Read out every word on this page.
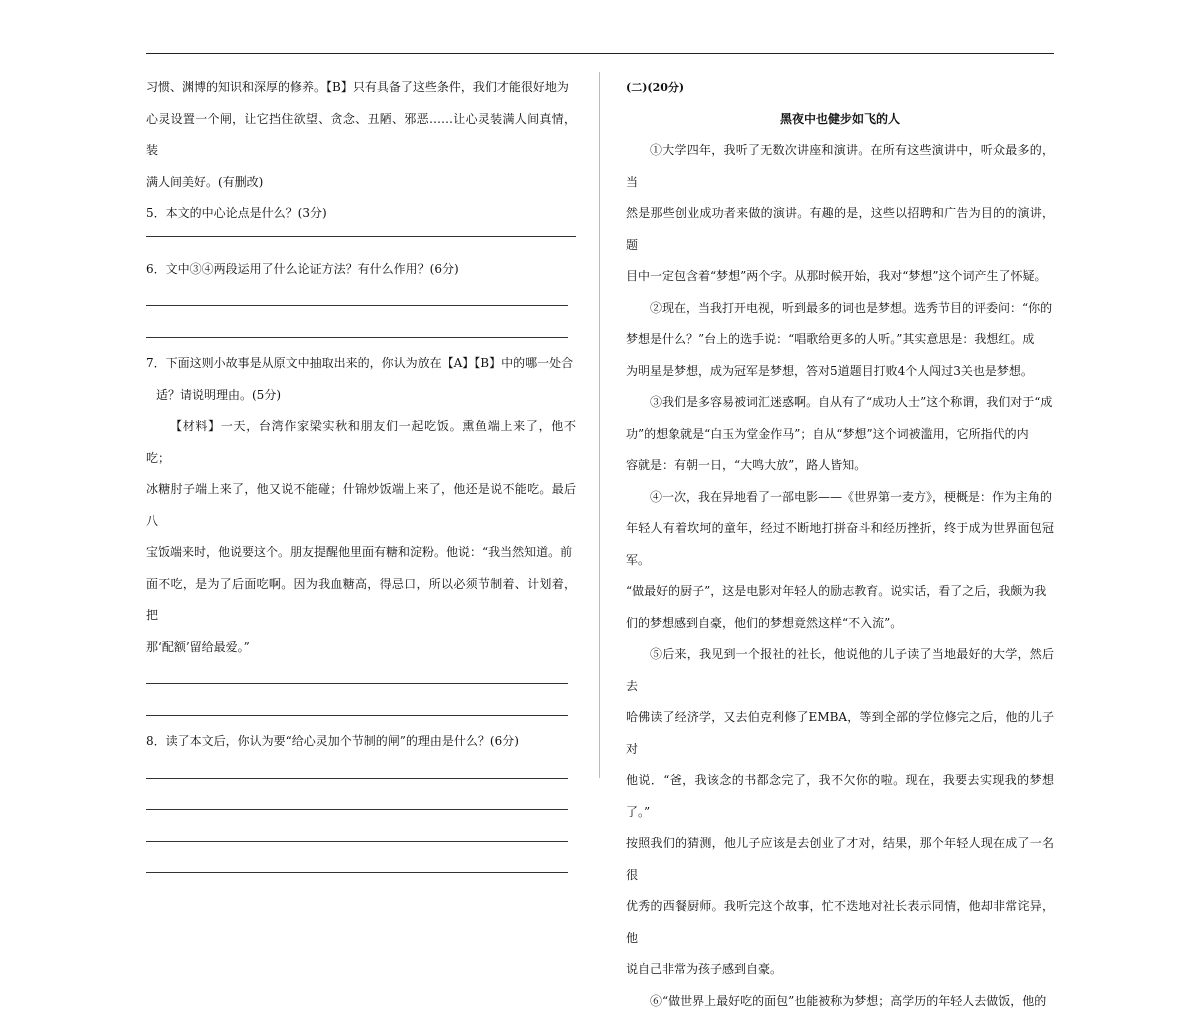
习惯、渊博的知识和深厚的修养。【B】只有具备了这些条件，我们才能很好地为

心灵设置一个闸，让它挡住欲望、贪念、丑陋、邪恶……让心灵装满人间真情，装

满人间美好。(有删改)

5．本文的中心论点是什么？(3分)

6．文中③④两段运用了什么论证方法？有什么作用？(6分)

7．下面这则小故事是从原文中抽取出来的，你认为放在【A】【B】中的哪一处合

适？请说明理由。(5分)

【材料】一天，台湾作家梁实秋和朋友们一起吃饭。熏鱼端上来了，他不吃；

冰糖肘子端上来了，他又说不能碰；什锦炒饭端上来了，他还是说不能吃。最后八

宝饭端来时，他说要这个。朋友提醒他里面有糖和淀粉。他说：“我当然知道。前

面不吃，是为了后面吃啊。因为我血糖高，得忌口，所以必须节制着、计划着，把

那‘配额’留给最爱。”

8．读了本文后，你认为要“给心灵加个节制的闸”的理由是什么？(6分)

(二)(20分)

黑夜中也健步如飞的人

①大学四年，我听了无数次讲座和演讲。在所有这些演讲中，听众最多的，当

然是那些创业成功者来做的演讲。有趣的是，这些以招聘和广告为目的的演讲，题

目中一定包含着“梦想”两个字。从那时候开始，我对“梦想”这个词产生了怀疑。

②现在，当我打开电视，听到最多的词也是梦想。选秀节目的评委问：“你的

梦想是什么？”台上的选手说：“唱歌给更多的人听。”其实意思是：我想红。成

为明星是梦想，成为冠军是梦想，答对5道题目打败4个人闯过3关也是梦想。

③我们是多容易被词汇迷惑啊。自从有了“成功人士”这个称谓，我们对于“成

功”的想象就是“白玉为堂金作马”；自从“梦想”这个词被滥用，它所指代的内

容就是：有朝一日，“大鸣大放”，路人皆知。

④一次，我在异地看了一部电影——《世界第一麦方》，梗概是：作为主角的

年轻人有着坎坷的童年，经过不断地打拼奋斗和经历挫折，终于成为世界面包冠军。

“做最好的厨子”，这是电影对年轻人的励志教育。说实话，看了之后，我颇为我

们的梦想感到自豪，他们的梦想竟然这样“不入流”。

⑤后来，我见到一个报社的社长，他说他的儿子读了当地最好的大学，然后去

哈佛读了经济学，又去伯克利修了EMBA，等到全部的学位修完之后，他的儿子对

他说．“爸，我该念的书都念完了，我不欠你的啦。现在，我要去实现我的梦想了。”

按照我们的猜测，他儿子应该是去创业了才对，结果，那个年轻人现在成了一名很

优秀的西餐厨师。我听完这个故事，忙不迭地对社长表示同情，他却非常诧异，他

说自己非常为孩子感到自豪。

⑥“做世界上最好吃的面包”也能被称为梦想；高学历的年轻人去做饭，他的
